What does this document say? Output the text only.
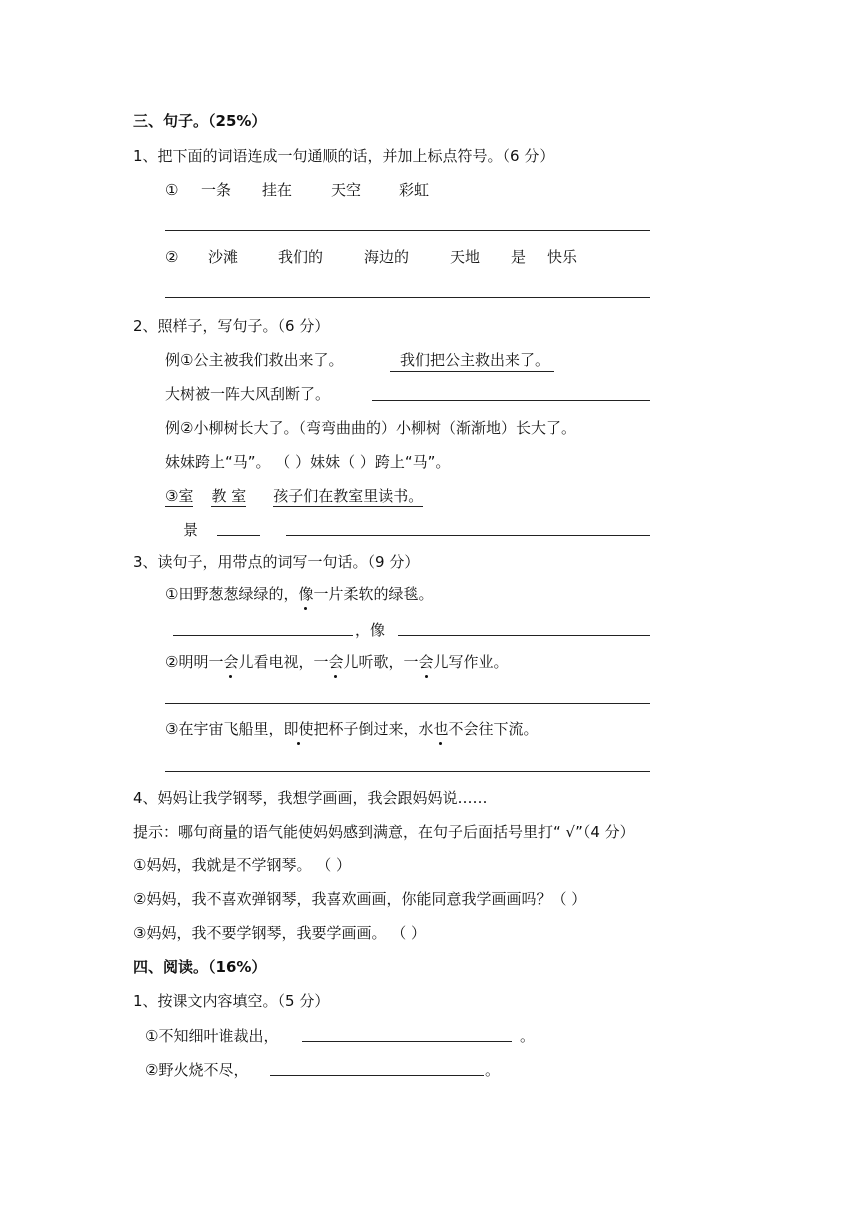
三、句子。（25%）
1、把下面的词语连成一句通顺的话，并加上标点符号。（6 分）
① 一条 挂在	天空	彩虹
② 沙滩	我们的	海边的	天地 是 快乐
2、照样子，写句子。（6 分）
例①公主被我们救出来了。	我们把公主救出来了。
大树被一阵大风刮断了。
例②小柳树长大了。（弯弯曲曲的）小柳树（渐渐地）长大了。
妹妹跨上“马”。 （ ）妹妹（ ）跨上“马”。
③室 教 室 孩子们在教室里读书。
景
3、读句子，用带点的词写一句话。（9 分）
①田野葱葱绿绿的，像一片柔软的绿毯。
，像
②明明一会儿看电视，一会儿听歌，一会儿写作业。
③在宇宙飞船里，即使把杯子倒过来，水也不会往下流。
4、妈妈让我学钢琴，我想学画画，我会跟妈妈说……
提示：哪句商量的语气能使妈妈感到满意，在句子后面括号里打“ √”（4 分）
①妈妈，我就是不学钢琴。 （ ）
②妈妈，我不喜欢弹钢琴，我喜欢画画，你能同意我学画画吗？（ ）
③妈妈，我不要学钢琴，我要学画画。 （ ）
四、阅读。（16%）
1、按课文内容填空。（5 分）
①不知细叶谁裁出，	。
②野火烧不尽，	。
